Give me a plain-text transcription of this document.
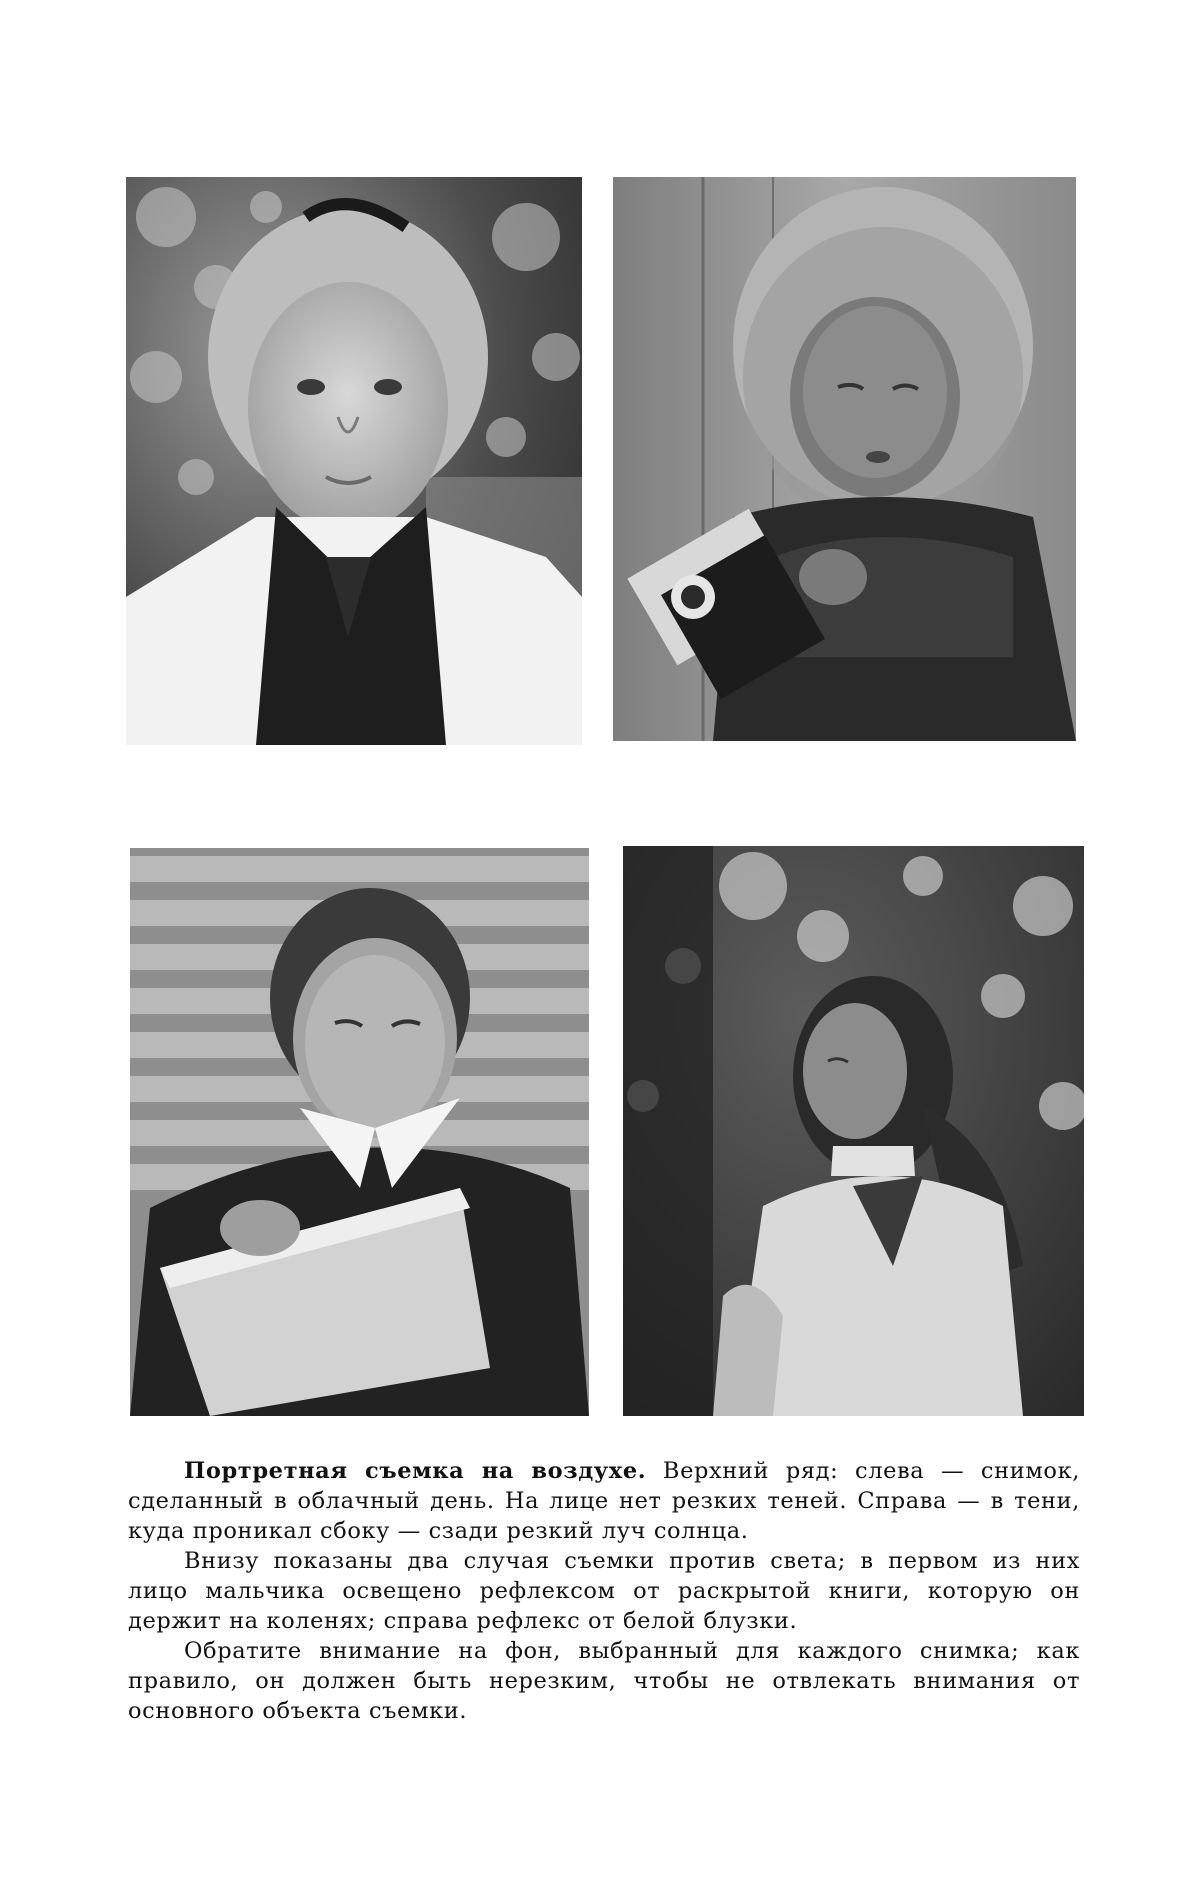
Портретная съемка на воздухе. Верхний ряд: слева — снимок, сделанный в облачный день. На лице нет резких теней. Справа — в тени, куда проникал сбоку — сзади резкий луч солнца.

Внизу показаны два случая съемки против света; в первом из них лицо мальчика освещено рефлексом от раскрытой книги, которую он держит на коленях; справа рефлекс от белой блузки.

Обратите внимание на фон, выбранный для каждого снимка; как правило, он должен быть нерезким, чтобы не отвлекать внимания от основного объекта съемки.
